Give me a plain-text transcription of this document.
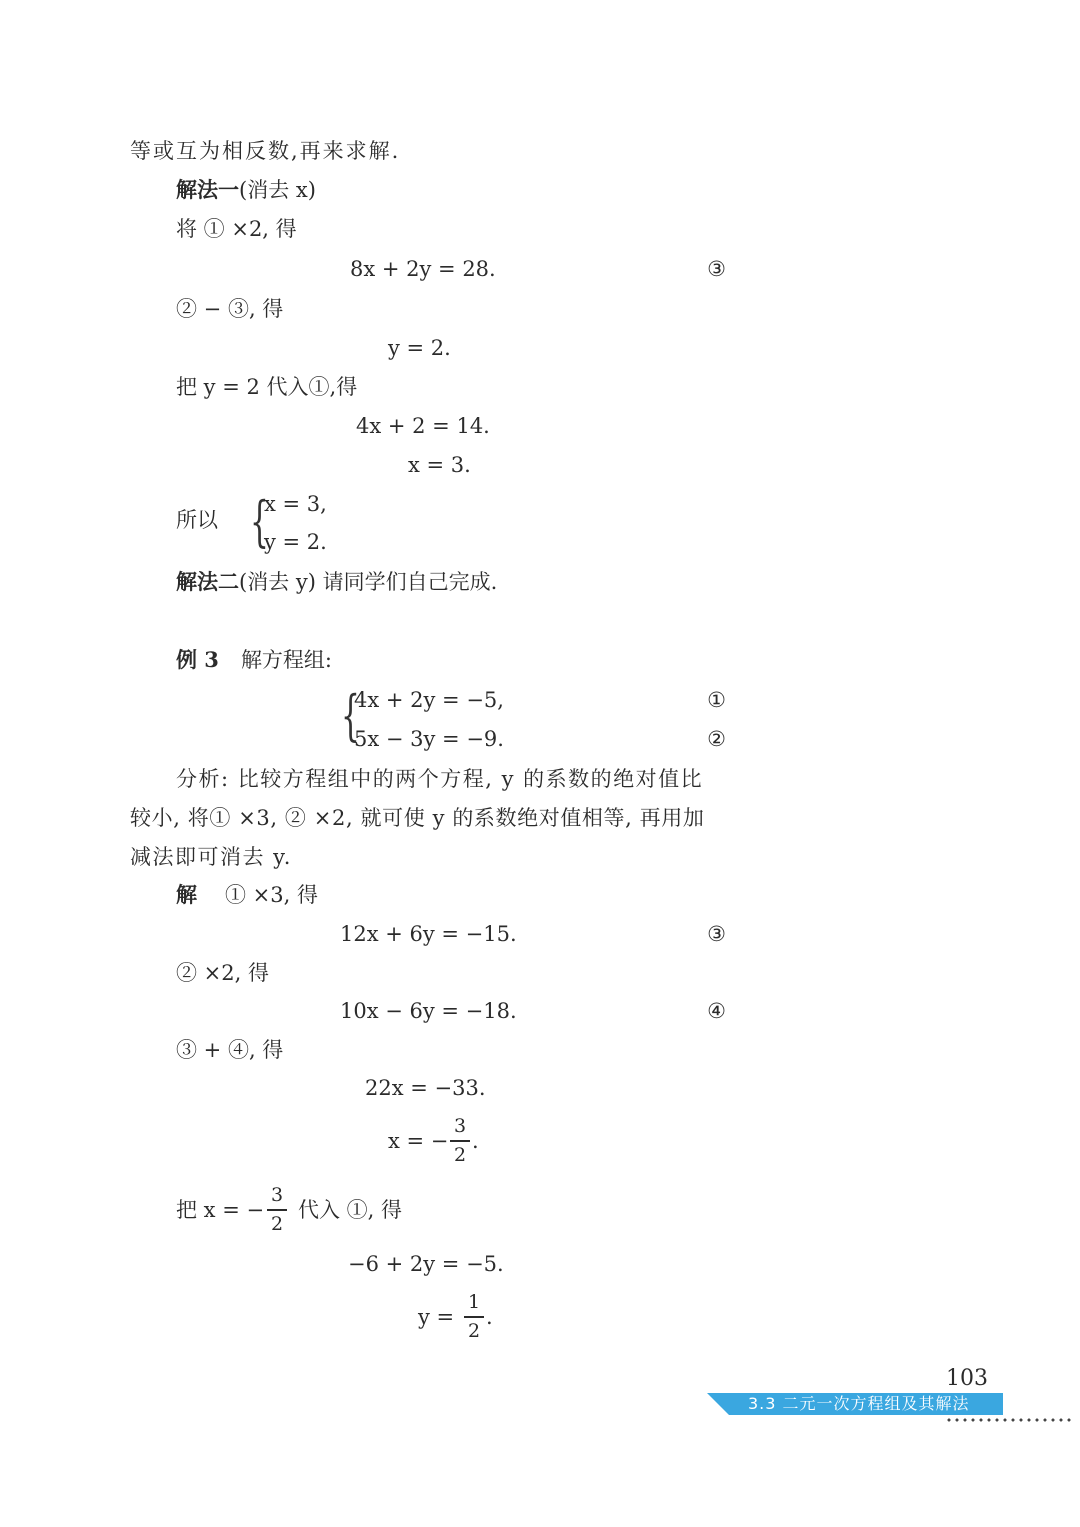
等或互为相反数,再来求解.
解法一(消去 x)
将 ① ×2, 得
8x + 2y = 28.	③
② − ③, 得
y = 2.
把 y = 2 代入①,得
4x + 2 = 14.
x = 3.
所以 {
x = 3,
y = 2.
解法二(消去 y) 请同学们自己完成.
例 3 解方程组:
{
4x + 2y = −5,	①
5x − 3y = −9.	②
分析: 比较方程组中的两个方程, y 的系数的绝对值比
较小, 将① ×3, ② ×2, 就可使 y 的系数绝对值相等, 再用加
减法即可消去 y.
解 ① ×3, 得
12x + 6y = −15.	③
② ×2, 得
10x − 6y = −18.	④
③ + ④, 得
22x = −33.
x = −
3
2
.
把 x = −
3
2
代入 ①, 得
−6 + 2y = −5.
y =
1
2
.
103
3.3 二元一次方程组及其解法
